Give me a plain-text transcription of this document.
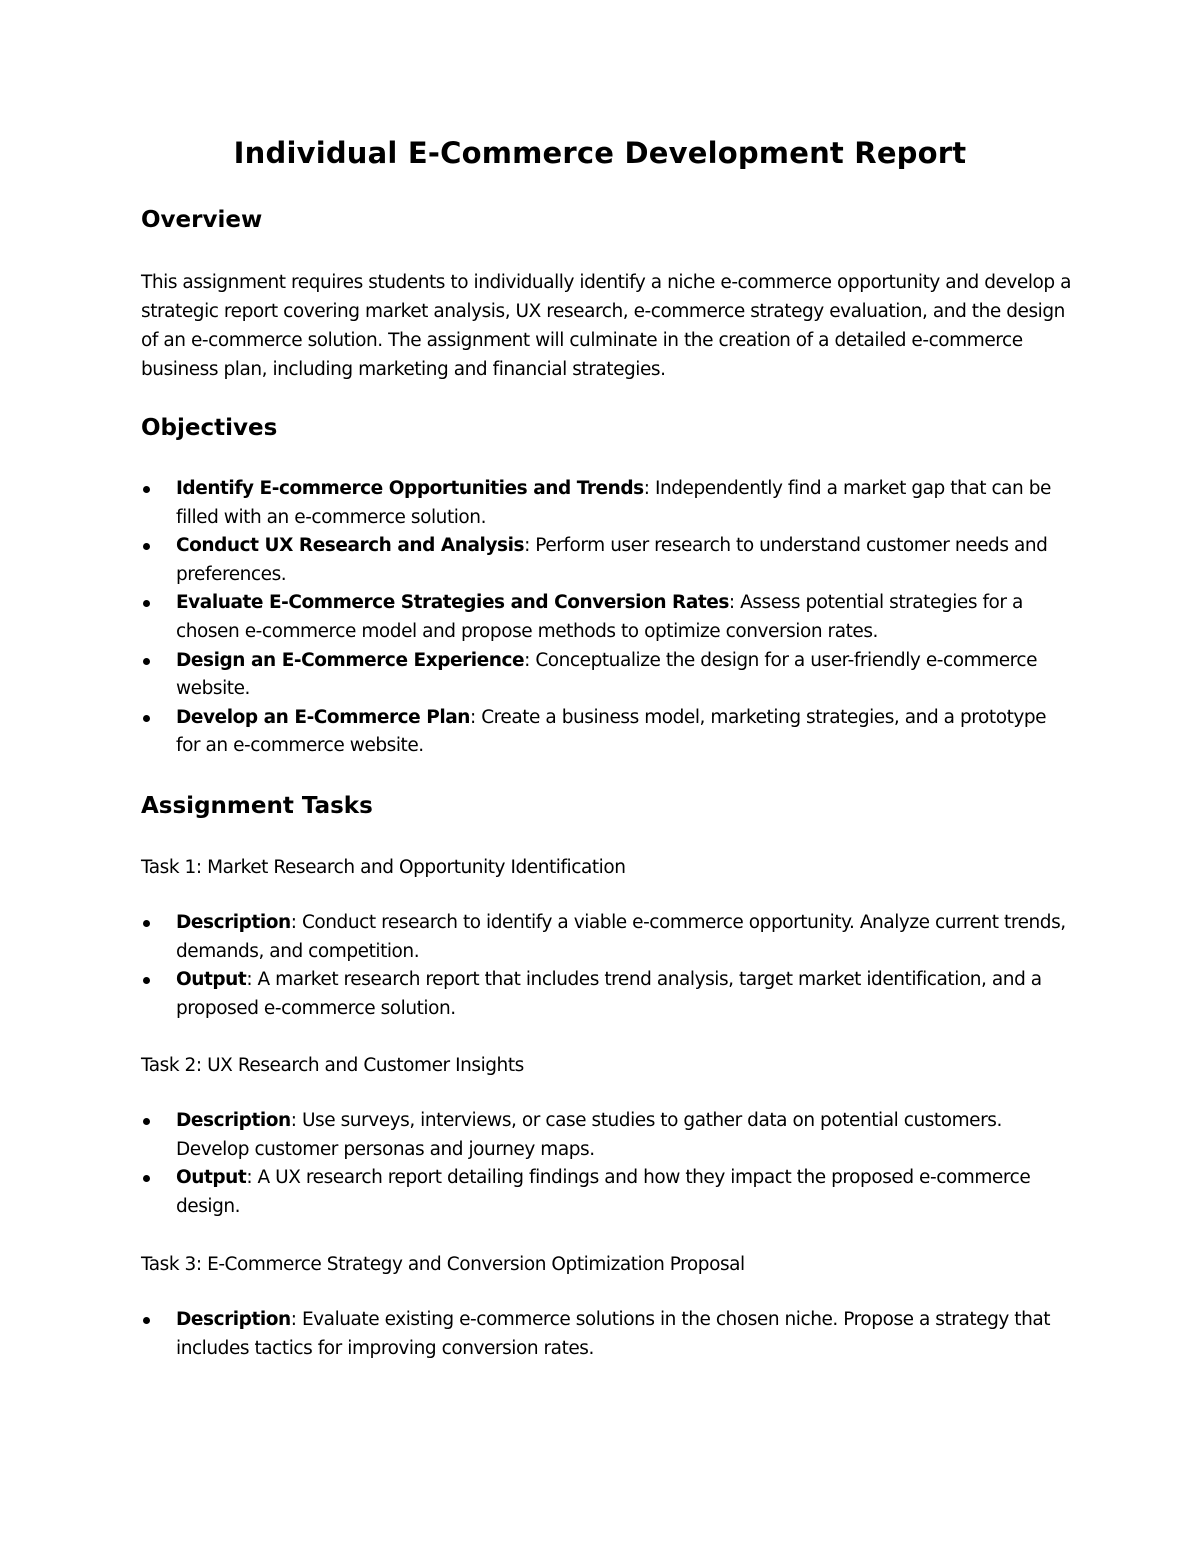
Individual E-Commerce Development Report
Overview

This assignment requires students to individually identify a niche e-commerce opportunity and develop a strategic report covering market analysis, UX research, e-commerce strategy evaluation, and the design of an e-commerce solution. The assignment will culminate in the creation of a detailed e-commerce business plan, including marketing and financial strategies.

Objectives
Identify E-commerce Opportunities and Trends: Independently find a market gap that can be filled with an e-commerce solution.
Conduct UX Research and Analysis: Perform user research to understand customer needs and preferences.
Evaluate E-Commerce Strategies and Conversion Rates: Assess potential strategies for a chosen e-commerce model and propose methods to optimize conversion rates.
Design an E-Commerce Experience: Conceptualize the design for a user-friendly e-commerce website.
Develop an E-Commerce Plan: Create a business model, marketing strategies, and a prototype for an e-commerce website.
Assignment Tasks

Task 1: Market Research and Opportunity Identification

Description: Conduct research to identify a viable e-commerce opportunity. Analyze current trends, demands, and competition.
Output: A market research report that includes trend analysis, target market identification, and a proposed e-commerce solution.

Task 2: UX Research and Customer Insights

Description: Use surveys, interviews, or case studies to gather data on potential customers. Develop customer personas and journey maps.
Output: A UX research report detailing findings and how they impact the proposed e-commerce design.

Task 3: E-Commerce Strategy and Conversion Optimization Proposal

Description: Evaluate existing e-commerce solutions in the chosen niche. Propose a strategy that includes tactics for improving conversion rates.
